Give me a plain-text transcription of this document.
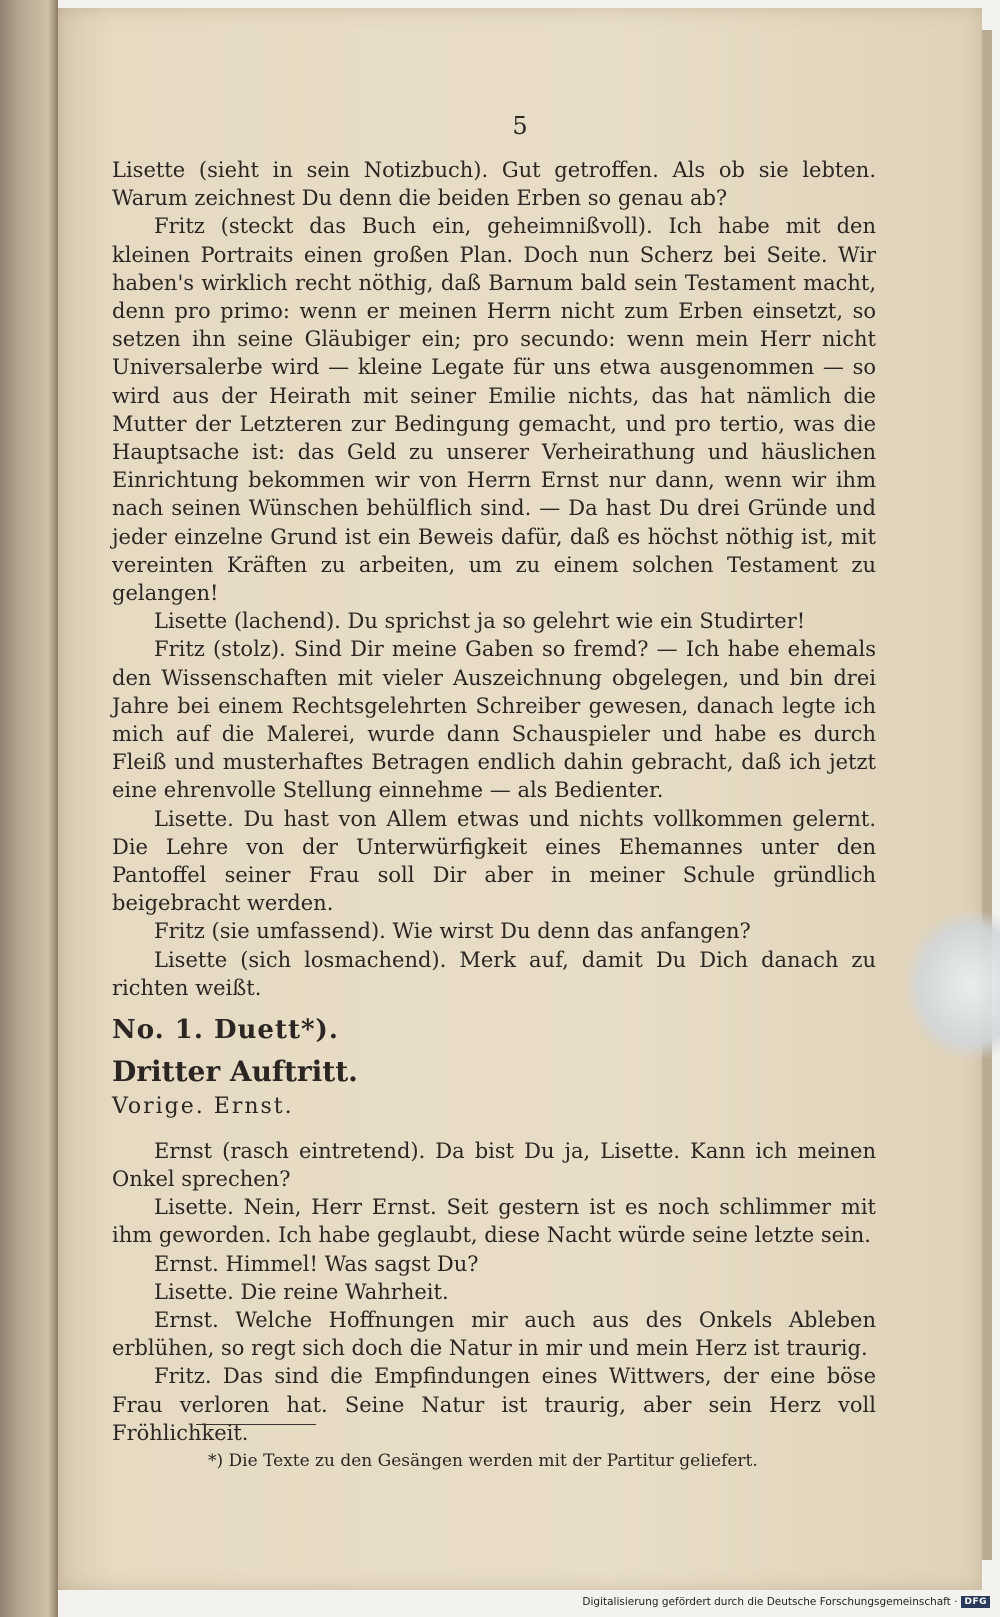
5

Lisette (sieht in sein Notizbuch). Gut getroffen. Als ob sie lebten. Warum zeichnest Du denn die beiden Erben so genau ab?

Fritz (steckt das Buch ein, geheimnißvoll). Ich habe mit den kleinen Portraits einen großen Plan. Doch nun Scherz bei Seite. Wir haben's wirklich recht nöthig, daß Barnum bald sein Testament macht, denn pro primo: wenn er meinen Herrn nicht zum Erben einsetzt, so setzen ihn seine Gläubiger ein; pro secundo: wenn mein Herr nicht Universalerbe wird — kleine Legate für uns etwa ausgenommen — so wird aus der Heirath mit seiner Emilie nichts, das hat nämlich die Mutter der Letzteren zur Bedingung gemacht, und pro tertio, was die Hauptsache ist: das Geld zu unserer Verheirathung und häuslichen Einrichtung bekommen wir von Herrn Ernst nur dann, wenn wir ihm nach seinen Wünschen behülflich sind. — Da hast Du drei Gründe und jeder einzelne Grund ist ein Beweis dafür, daß es höchst nöthig ist, mit vereinten Kräften zu arbeiten, um zu einem solchen Testament zu gelangen!

Lisette (lachend). Du sprichst ja so gelehrt wie ein Studirter!

Fritz (stolz). Sind Dir meine Gaben so fremd? — Ich habe ehemals den Wissenschaften mit vieler Auszeichnung obgelegen, und bin drei Jahre bei einem Rechtsgelehrten Schreiber gewesen, danach legte ich mich auf die Malerei, wurde dann Schauspieler und habe es durch Fleiß und musterhaftes Betragen endlich dahin gebracht, daß ich jetzt eine ehrenvolle Stellung einnehme — als Bedienter.

Lisette. Du hast von Allem etwas und nichts vollkommen gelernt. Die Lehre von der Unterwürfigkeit eines Ehemannes unter den Pantoffel seiner Frau soll Dir aber in meiner Schule gründlich beigebracht werden.

Fritz (sie umfassend). Wie wirst Du denn das anfangen?

Lisette (sich losmachend). Merk auf, damit Du Dich danach zu richten weißt.

No. 1. Duett*).

Dritter Auftritt.

Vorige. Ernst.

Ernst (rasch eintretend). Da bist Du ja, Lisette. Kann ich meinen Onkel sprechen?

Lisette. Nein, Herr Ernst. Seit gestern ist es noch schlimmer mit ihm geworden. Ich habe geglaubt, diese Nacht würde seine letzte sein.

Ernst. Himmel! Was sagst Du?

Lisette. Die reine Wahrheit.

Ernst. Welche Hoffnungen mir auch aus des Onkels Ableben erblühen, so regt sich doch die Natur in mir und mein Herz ist traurig.

Fritz. Das sind die Empfindungen eines Wittwers, der eine böse Frau verloren hat. Seine Natur ist traurig, aber sein Herz voll Fröhlichkeit.

*) Die Texte zu den Gesängen werden mit der Partitur geliefert.
Digitalisierung gefördert durch die Deutsche Forschungsgemeinschaft · DFG
